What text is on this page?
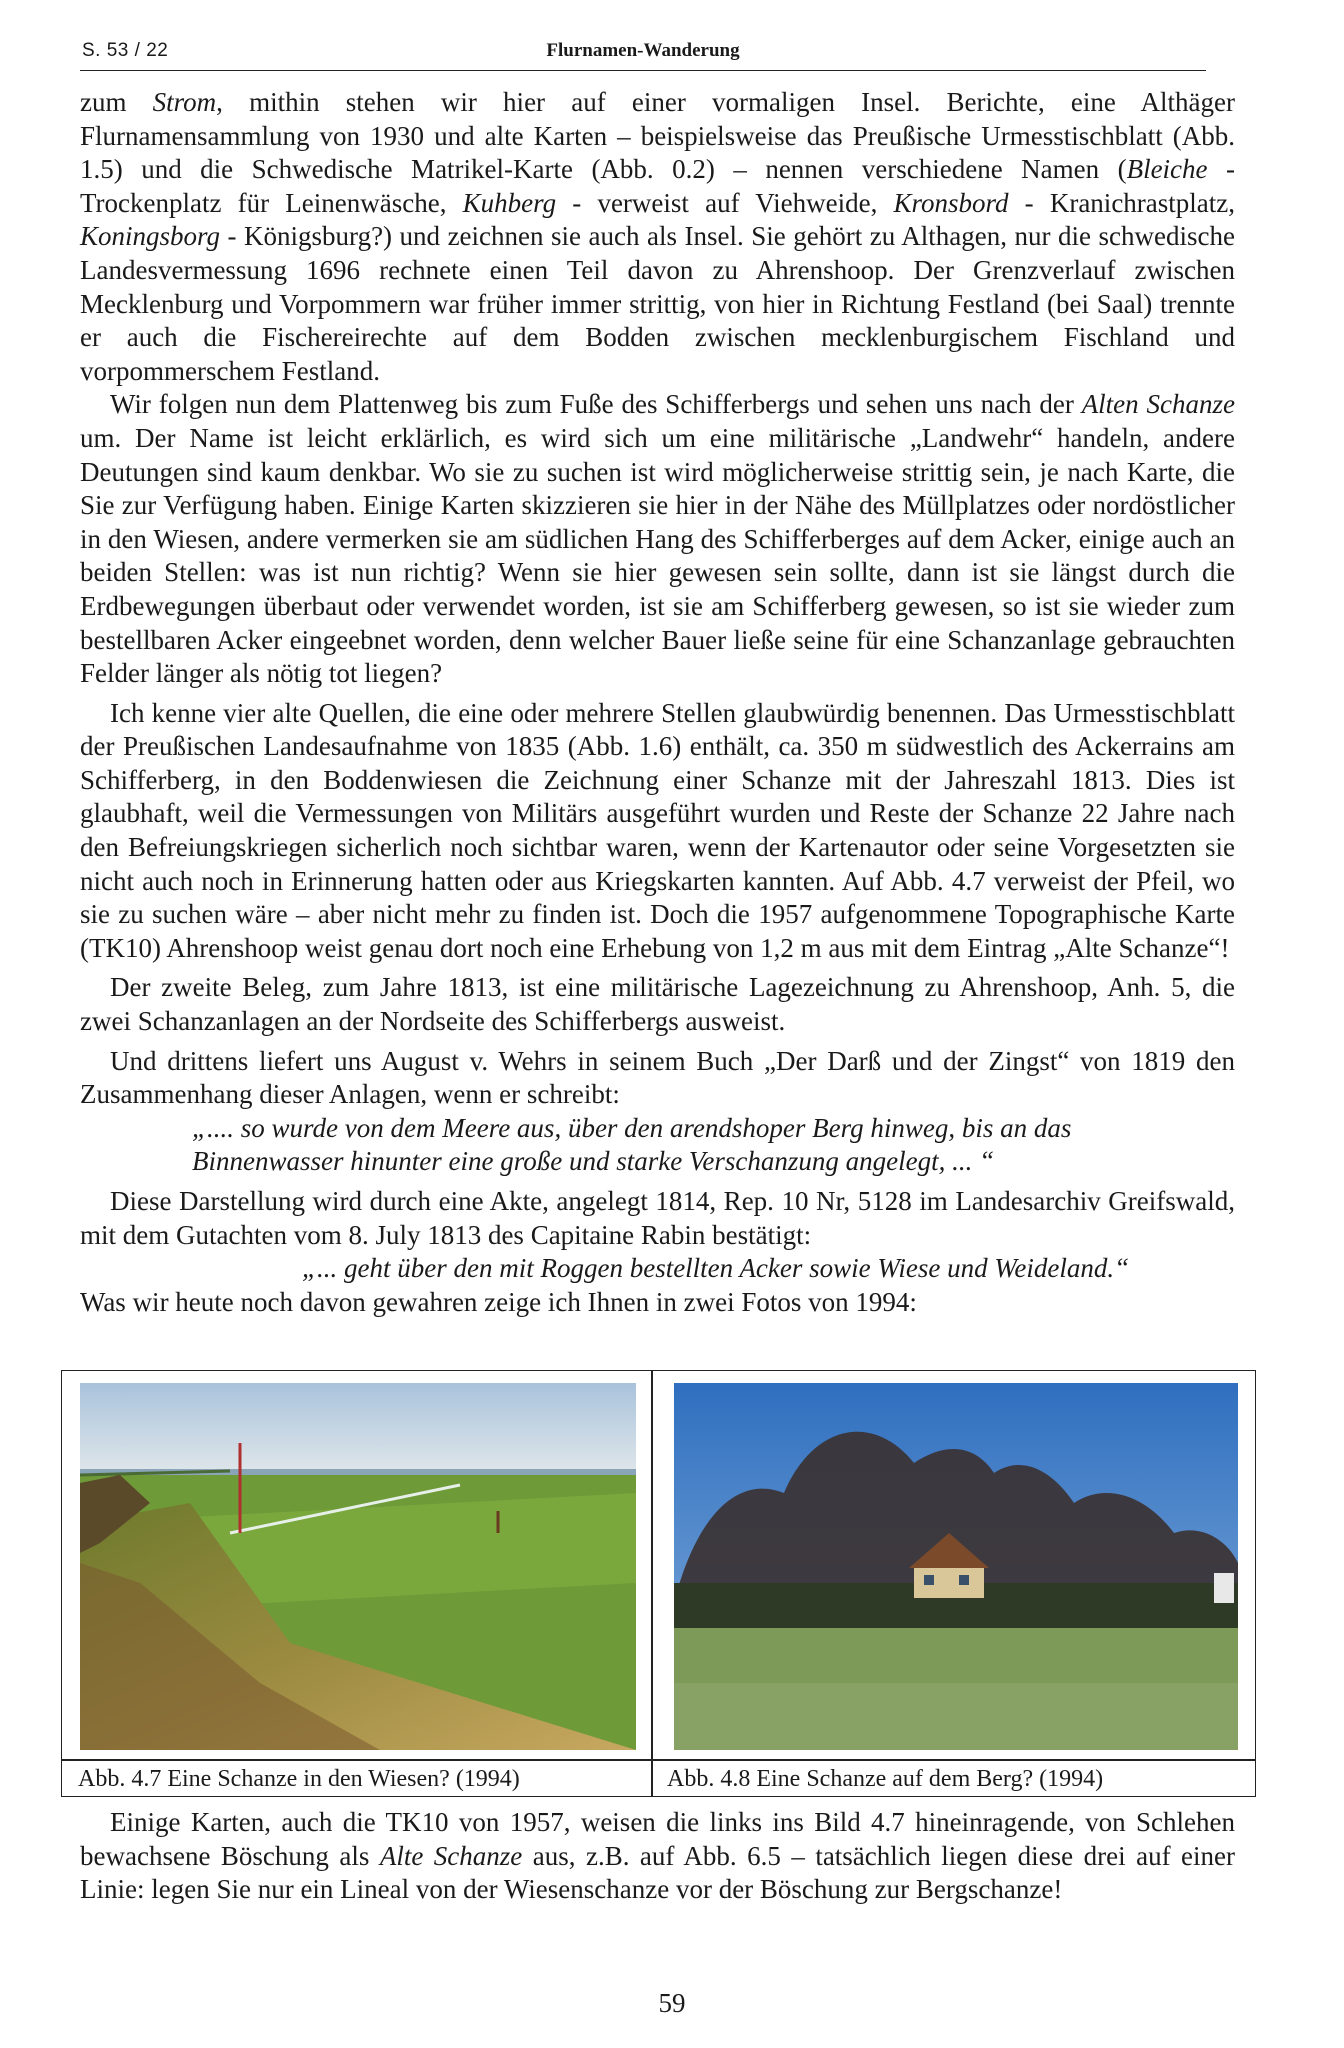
S. 53 / 22	Flurnamen-Wanderung

zum Strom, mithin stehen wir hier auf einer vormaligen Insel. Berichte, eine Althäger Flurnamensammlung von 1930 und alte Karten – beispielsweise das Preußische Urmesstischblatt (Abb. 1.5) und die Schwedische Matrikel-Karte (Abb. 0.2) – nennen verschiedene Namen (Bleiche - Trockenplatz für Leinenwäsche, Kuhberg - verweist auf Viehweide, Kronsbord - Kranichrastplatz, Koningsborg - Königsburg?) und zeichnen sie auch als Insel. Sie gehört zu Althagen, nur die schwedische Landesvermessung 1696 rechnete einen Teil davon zu Ahrenshoop. Der Grenzverlauf zwischen Mecklenburg und Vorpommern war früher immer strittig, von hier in Richtung Festland (bei Saal) trennte er auch die Fischereirechte auf dem Bodden zwischen mecklenburgischem Fischland und vorpommerschem Festland.

Wir folgen nun dem Plattenweg bis zum Fuße des Schifferbergs und sehen uns nach der Alten Schanze um. Der Name ist leicht erklärlich, es wird sich um eine militärische „Landwehr“ handeln, andere Deutungen sind kaum denkbar. Wo sie zu suchen ist wird möglicherweise strittig sein, je nach Karte, die Sie zur Verfügung haben. Einige Karten skizzieren sie hier in der Nähe des Müllplatzes oder nordöstlicher in den Wiesen, andere vermerken sie am südlichen Hang des Schifferberges auf dem Acker, einige auch an beiden Stellen: was ist nun richtig? Wenn sie hier gewesen sein sollte, dann ist sie längst durch die Erdbewegungen überbaut oder verwendet worden, ist sie am Schifferberg gewesen, so ist sie wieder zum bestellbaren Acker eingeebnet worden, denn welcher Bauer ließe seine für eine Schanzanlage gebrauchten Felder länger als nötig tot liegen?

Ich kenne vier alte Quellen, die eine oder mehrere Stellen glaubwürdig benennen. Das Urmesstischblatt der Preußischen Landesaufnahme von 1835 (Abb. 1.6) enthält, ca. 350 m südwestlich des Ackerrains am Schifferberg, in den Boddenwiesen die Zeichnung einer Schanze mit der Jahreszahl 1813. Dies ist glaubhaft, weil die Vermessungen von Militärs ausgeführt wurden und Reste der Schanze 22 Jahre nach den Befreiungskriegen sicherlich noch sichtbar waren, wenn der Kartenautor oder seine Vorgesetzten sie nicht auch noch in Erinnerung hatten oder aus Kriegskarten kannten. Auf Abb. 4.7 verweist der Pfeil, wo sie zu suchen wäre – aber nicht mehr zu finden ist. Doch die 1957 aufgenommene Topographische Karte (TK10) Ahrenshoop weist genau dort noch eine Erhebung von 1,2 m aus mit dem Eintrag „Alte Schanze“!

Der zweite Beleg, zum Jahre 1813, ist eine militärische Lagezeichnung zu Ahrenshoop, Anh. 5, die zwei Schanzanlagen an der Nordseite des Schifferbergs ausweist.

Und drittens liefert uns August v. Wehrs in seinem Buch „Der Darß und der Zingst“ von 1819 den Zusammenhang dieser Anlagen, wenn er schreibt:

„.... so wurde von dem Meere aus, über den arendshoper Berg hinweg, bis an das

Binnenwasser hinunter eine große und starke Verschanzung angelegt, ... “

Diese Darstellung wird durch eine Akte, angelegt 1814, Rep. 10 Nr, 5128 im Landesarchiv Greifswald, mit dem Gutachten vom 8. July 1813 des Capitaine Rabin bestätigt:

„... geht über den mit Roggen bestellten Acker sowie Wiese und Weideland.“

Was wir heute noch davon gewahren zeige ich Ihnen in zwei Fotos von 1994:

Abb. 4.7 Eine Schanze in den Wiesen? (1994)	Abb. 4.8 Eine Schanze auf dem Berg? (1994)

Einige Karten, auch die TK10 von 1957, weisen die links ins Bild 4.7 hineinragende, von Schlehen bewachsene Böschung als Alte Schanze aus, z.B. auf Abb. 6.5 – tatsächlich liegen diese drei auf einer Linie: legen Sie nur ein Lineal von der Wiesenschanze vor der Böschung zur Bergschanze!

59
